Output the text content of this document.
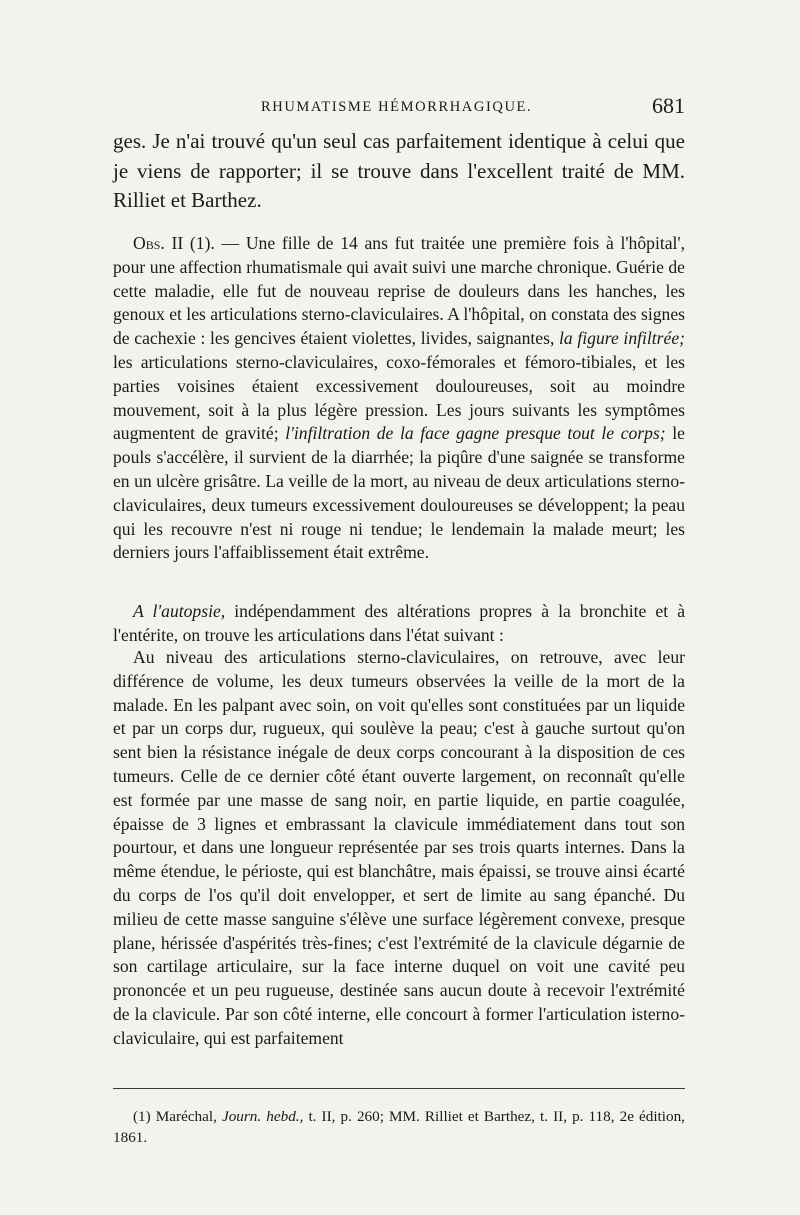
RHUMATISME HÉMORRHAGIQUE.	681

ges. Je n'ai trouvé qu'un seul cas parfaitement identique à celui que je viens de rapporter; il se trouve dans l'excellent traité de MM. Rilliet et Barthez.

Obs. II (1). — Une fille de 14 ans fut traitée une première fois à l'hôpital', pour une affection rhumatismale qui avait suivi une marche chronique. Guérie de cette maladie, elle fut de nouveau reprise de douleurs dans les hanches, les genoux et les articulations sterno-claviculaires. A l'hôpital, on constata des signes de cachexie : les gencives étaient violettes, livides, saignantes, la figure infiltrée; les articulations sterno-claviculaires, coxo-fémorales et fémoro-tibiales, et les parties voisines étaient excessivement douloureuses, soit au moindre mouvement, soit à la plus légère pression. Les jours suivants les symptômes augmentent de gravité; l'infiltration de la face gagne presque tout le corps; le pouls s'accélère, il survient de la diarrhée; la piqûre d'une saignée se transforme en un ulcère grisâtre. La veille de la mort, au niveau de deux articulations sterno-claviculaires, deux tumeurs excessivement douloureuses se développent; la peau qui les recouvre n'est ni rouge ni tendue; le lendemain la malade meurt; les derniers jours l'affaiblissement était extrême.

A l'autopsie, indépendamment des altérations propres à la bronchite et à l'entérite, on trouve les articulations dans l'état suivant :

Au niveau des articulations sterno-claviculaires, on retrouve, avec leur différence de volume, les deux tumeurs observées la veille de la mort de la malade. En les palpant avec soin, on voit qu'elles sont constituées par un liquide et par un corps dur, rugueux, qui soulève la peau; c'est à gauche surtout qu'on sent bien la résistance inégale de deux corps concourant à la disposition de ces tumeurs. Celle de ce dernier côté étant ouverte largement, on reconnaît qu'elle est formée par une masse de sang noir, en partie liquide, en partie coagulée, épaisse de 3 lignes et embrassant la clavicule immédiatement dans tout son pourtour, et dans une longueur représentée par ses trois quarts internes. Dans la même étendue, le périoste, qui est blanchâtre, mais épaissi, se trouve ainsi écarté du corps de l'os qu'il doit envelopper, et sert de limite au sang épanché. Du milieu de cette masse sanguine s'élève une surface légèrement convexe, presque plane, hérissée d'aspérités très-fines; c'est l'extrémité de la clavicule dégarnie de son cartilage articulaire, sur la face interne duquel on voit une cavité peu prononcée et un peu rugueuse, destinée sans aucun doute à recevoir l'extrémité de la clavicule. Par son côté interne, elle concourt à former l'articulation isterno-claviculaire, qui est parfaitement

(1) Maréchal, Journ. hebd., t. II, p. 260; MM. Rilliet et Barthez, t. II, p. 118, 2e édition, 1861.
